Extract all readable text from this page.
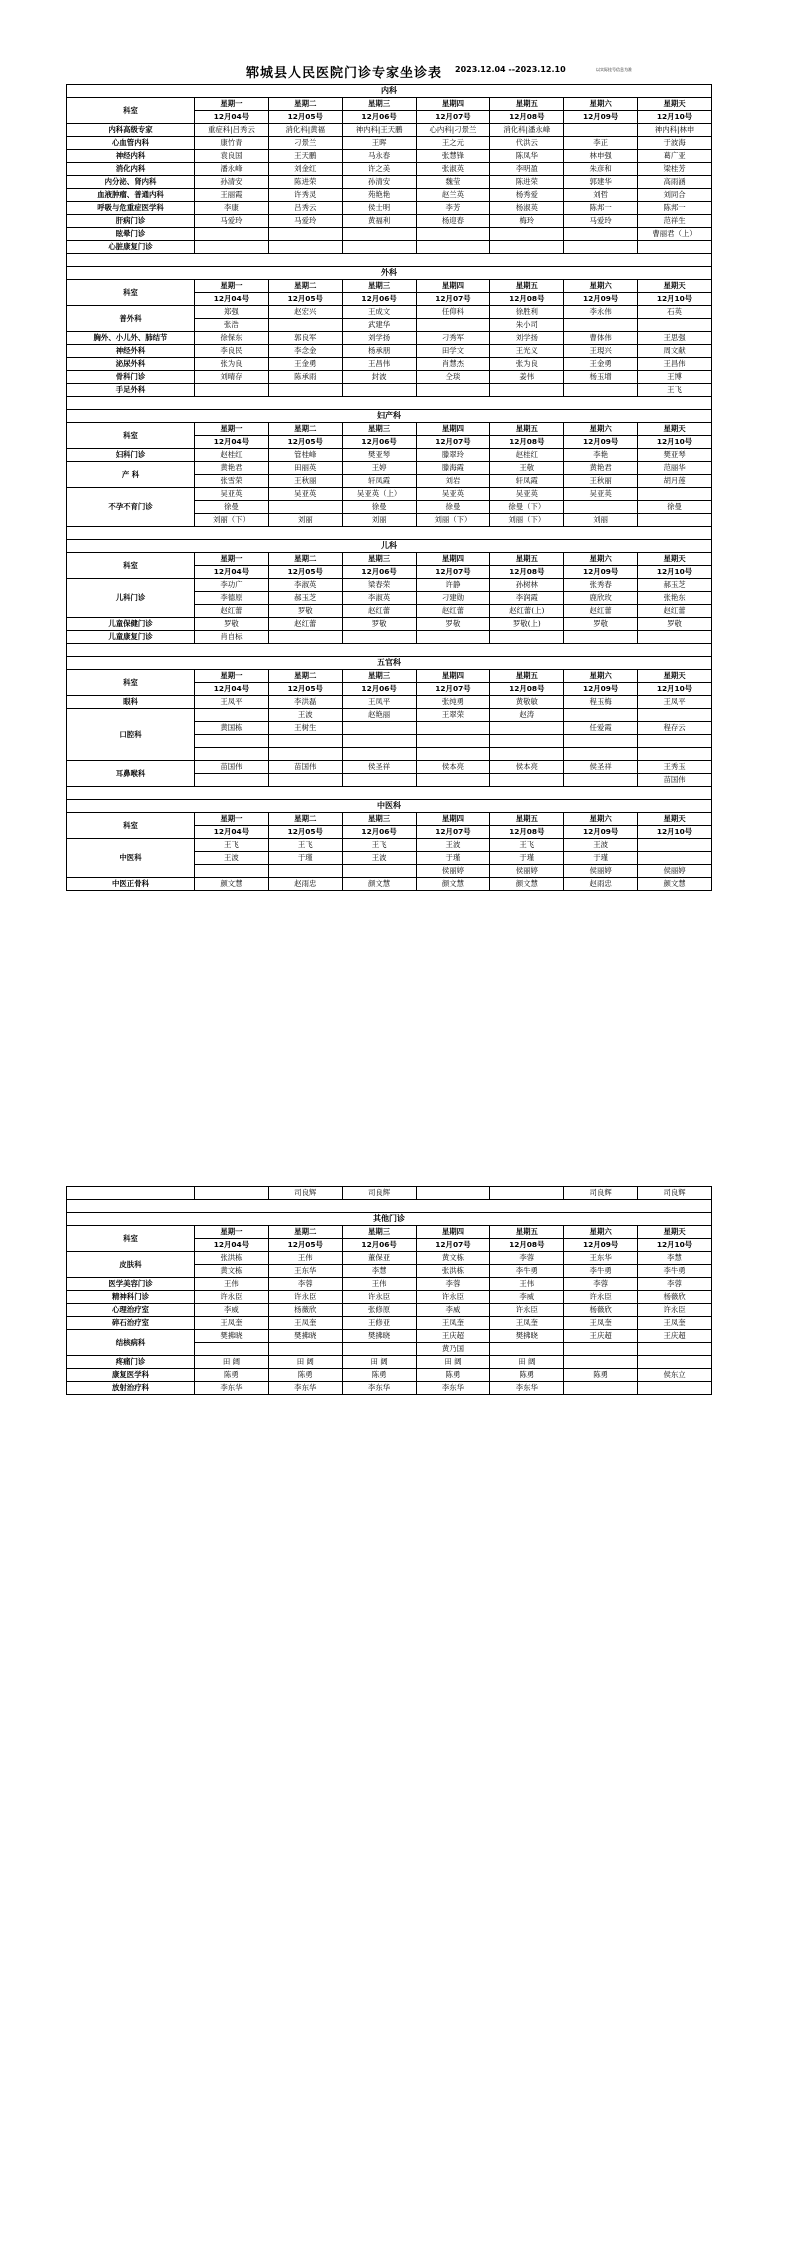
郓城县人民医院门诊专家坐诊表 2023.12.04 --2023.12.10	以实际挂号信息为准
内科							
科室	星期一	星期二	星期三	星期四	星期五	星期六	星期天
	12月04号	12月05号	12月06号	12月07号	12月08号	12月09号	12月10号
内科高级专家	重症科|吕秀云	消化科|黄福	神内科|王天鹏	心内科|刁景兰	消化科|潘永峰		神内科|林申
心血管内科	康竹青	刁景兰	王晖	王之元	代洪云	李正	于波海
神经内科	袁良国	王天鹏	马永春	张慧锋	陈凤华	林申强	葛广亚
消化内科	潘永峰	刘金红	许之美	张淑英	李明盈	朱彦和	梁桂芳
内分泌、肾内科	孙清安	陈进荣	孙清安	魏莹	陈进荣	郭建华	高雨涵
血液肿瘤、普通内科	王丽霞	许秀灵	苑艳艳	赵兰英	杨秀爱	刘哲	刘同合
呼吸与危重症医学科	李康	吕秀云	侯士明	李芳	杨淑英	陈邦一	陈邦一
肝病门诊	马爱玲	马爱玲	黄福利	杨迎春	梅玲	马爱玲	范祥生
眩晕门诊							曹丽君（上）
心脏康复门诊							

外科							
科室	星期一	星期二	星期三	星期四	星期五	星期六	星期天
	12月04号	12月05号	12月06号	12月07号	12月08号	12月09号	12月10号
普外科	郑强	赵宏兴	王成文	任仰科	徐胜利	李永伟	石英
	张浩		武建华		朱小司		
胸外、小儿外、肺结节	徐保东	郭良军	刘学扬	刁秀军	刘学扬	曹体伟	王思强
神经外科	李良民	李念金	杨承朋	田学文	王光义	王現兴	周文献
泌尿外科	张为良	王金勇	王昌伟	肖慧杰	张为良	王金勇	王昌伟
骨科门诊	刘晴存	陈承雨	封波	仝琰	姜伟	杨玉增	王博
手足外科							王飞

妇产科							
科室	星期一	星期二	星期三	星期四	星期五	星期六	星期天
	12月04号	12月05号	12月06号	12月07号	12月08号	12月09号	12月10号
妇科门诊	赵桂红	管桂峰	樊亚琴	滕翠玲	赵桂红	李艳	樊亚琴
产 科	黄艳君	田丽英	王婷	滕海霞	王敬	黄艳君	范丽华
	张雪荣	王秋丽	轩凤霞	刘岩	轩凤霞	王秋丽	胡月莲
不孕不育门诊	吴亚英	吴亚英	吴亚英（上）	吴亚英	吴亚英	吴亚英	
	徐曼		徐曼	徐曼	徐曼（下）		徐曼
	刘丽（下）	刘丽	刘丽	刘丽（下）	刘丽（下）	刘丽	

儿科							
科室	星期一	星期二	星期三	星期四	星期五	星期六	星期天
	12月04号	12月05号	12月06号	12月07号	12月08号	12月09号	12月10号
儿科门诊	李功广	李淑英	梁春荣	许静	孙树林	张秀春	郝玉芝
	李德原	郝玉芝	李淑英	刁建勋	李润霞	鹿欣玫	张艳东
	赵红蕾	罗敬	赵红蕾	赵红蕾	赵红蕾(上)	赵红蕾	赵红蕾
儿童保健门诊	罗敬	赵红蕾	罗敬	罗敬	罗敬(上)	罗敬	罗敬
儿童康复门诊	肖自标						

五官科							
科室	星期一	星期二	星期三	星期四	星期五	星期六	星期天
	12月04号	12月05号	12月06号	12月07号	12月08号	12月09号	12月10号
眼科	王凤平	李洪磊	王凤平	张纯勇	黄敬敏	程玉梅	王凤平
口腔科		王波	赵艳丽	王翠荣	赵涛		
	黄国栋	王树生				任爱霞	程存云

耳鼻喉科	苗国伟	苗国伟	侯圣祥	侯本亮	侯本亮	侯圣祥	王秀玉
							苗国伟

中医科							
科室	星期一	星期二	星期三	星期四	星期五	星期六	星期天
	12月04号	12月05号	12月06号	12月07号	12月08号	12月09号	12月10号
中医科	王飞	王飞	王飞	王波	王飞	王波	
	王波	于瑾	王波	于瑾	于瑾	于瑾	
				侯丽婷	侯丽婷	侯丽婷	侯丽婷
中医正骨科	颜文慧	赵雨忠	颜文慧	颜文慧	颜文慧	赵雨忠	颜文慧
		司良辉	司良辉			司良辉	司良辉

其他门诊							
科室	星期一	星期二	星期三	星期四	星期五	星期六	星期天
	12月04号	12月05号	12月06号	12月07号	12月08号	12月09号	12月10号
皮肤科	张洪栋	王伟	董保亚	黄文栋	李蓉	王东华	李慧
	黄文栋	王东华	李慧	张洪栋	李牛勇	李牛勇	李牛勇
医学美容门诊	王伟	李蓉	王伟	李蓉	王伟	李蓉	李蓉
精神科门诊	许永臣	许永臣	许永臣	许永臣	李威	许永臣	杨薇欣
心理治疗室	李威	杨薇欣	张修原	李威	许永臣	杨薇欣	许永臣
碎石治疗室	王凤奎	王凤奎	王修亚	王凤奎	王凤奎	王凤奎	王凤奎
结核病科	樊拂晓	樊拂晓	樊拂晓	王庆超	樊拂晓	王庆超	王庆超
				黄乃国			
疼痛门诊	田 阔	田 阔	田 阔	田 阔	田 阔		
康复医学科	陈勇	陈勇	陈勇	陈勇	陈勇	陈勇	侯东立
放射治疗科	李东华	李东华	李东华	李东华	李东华		
